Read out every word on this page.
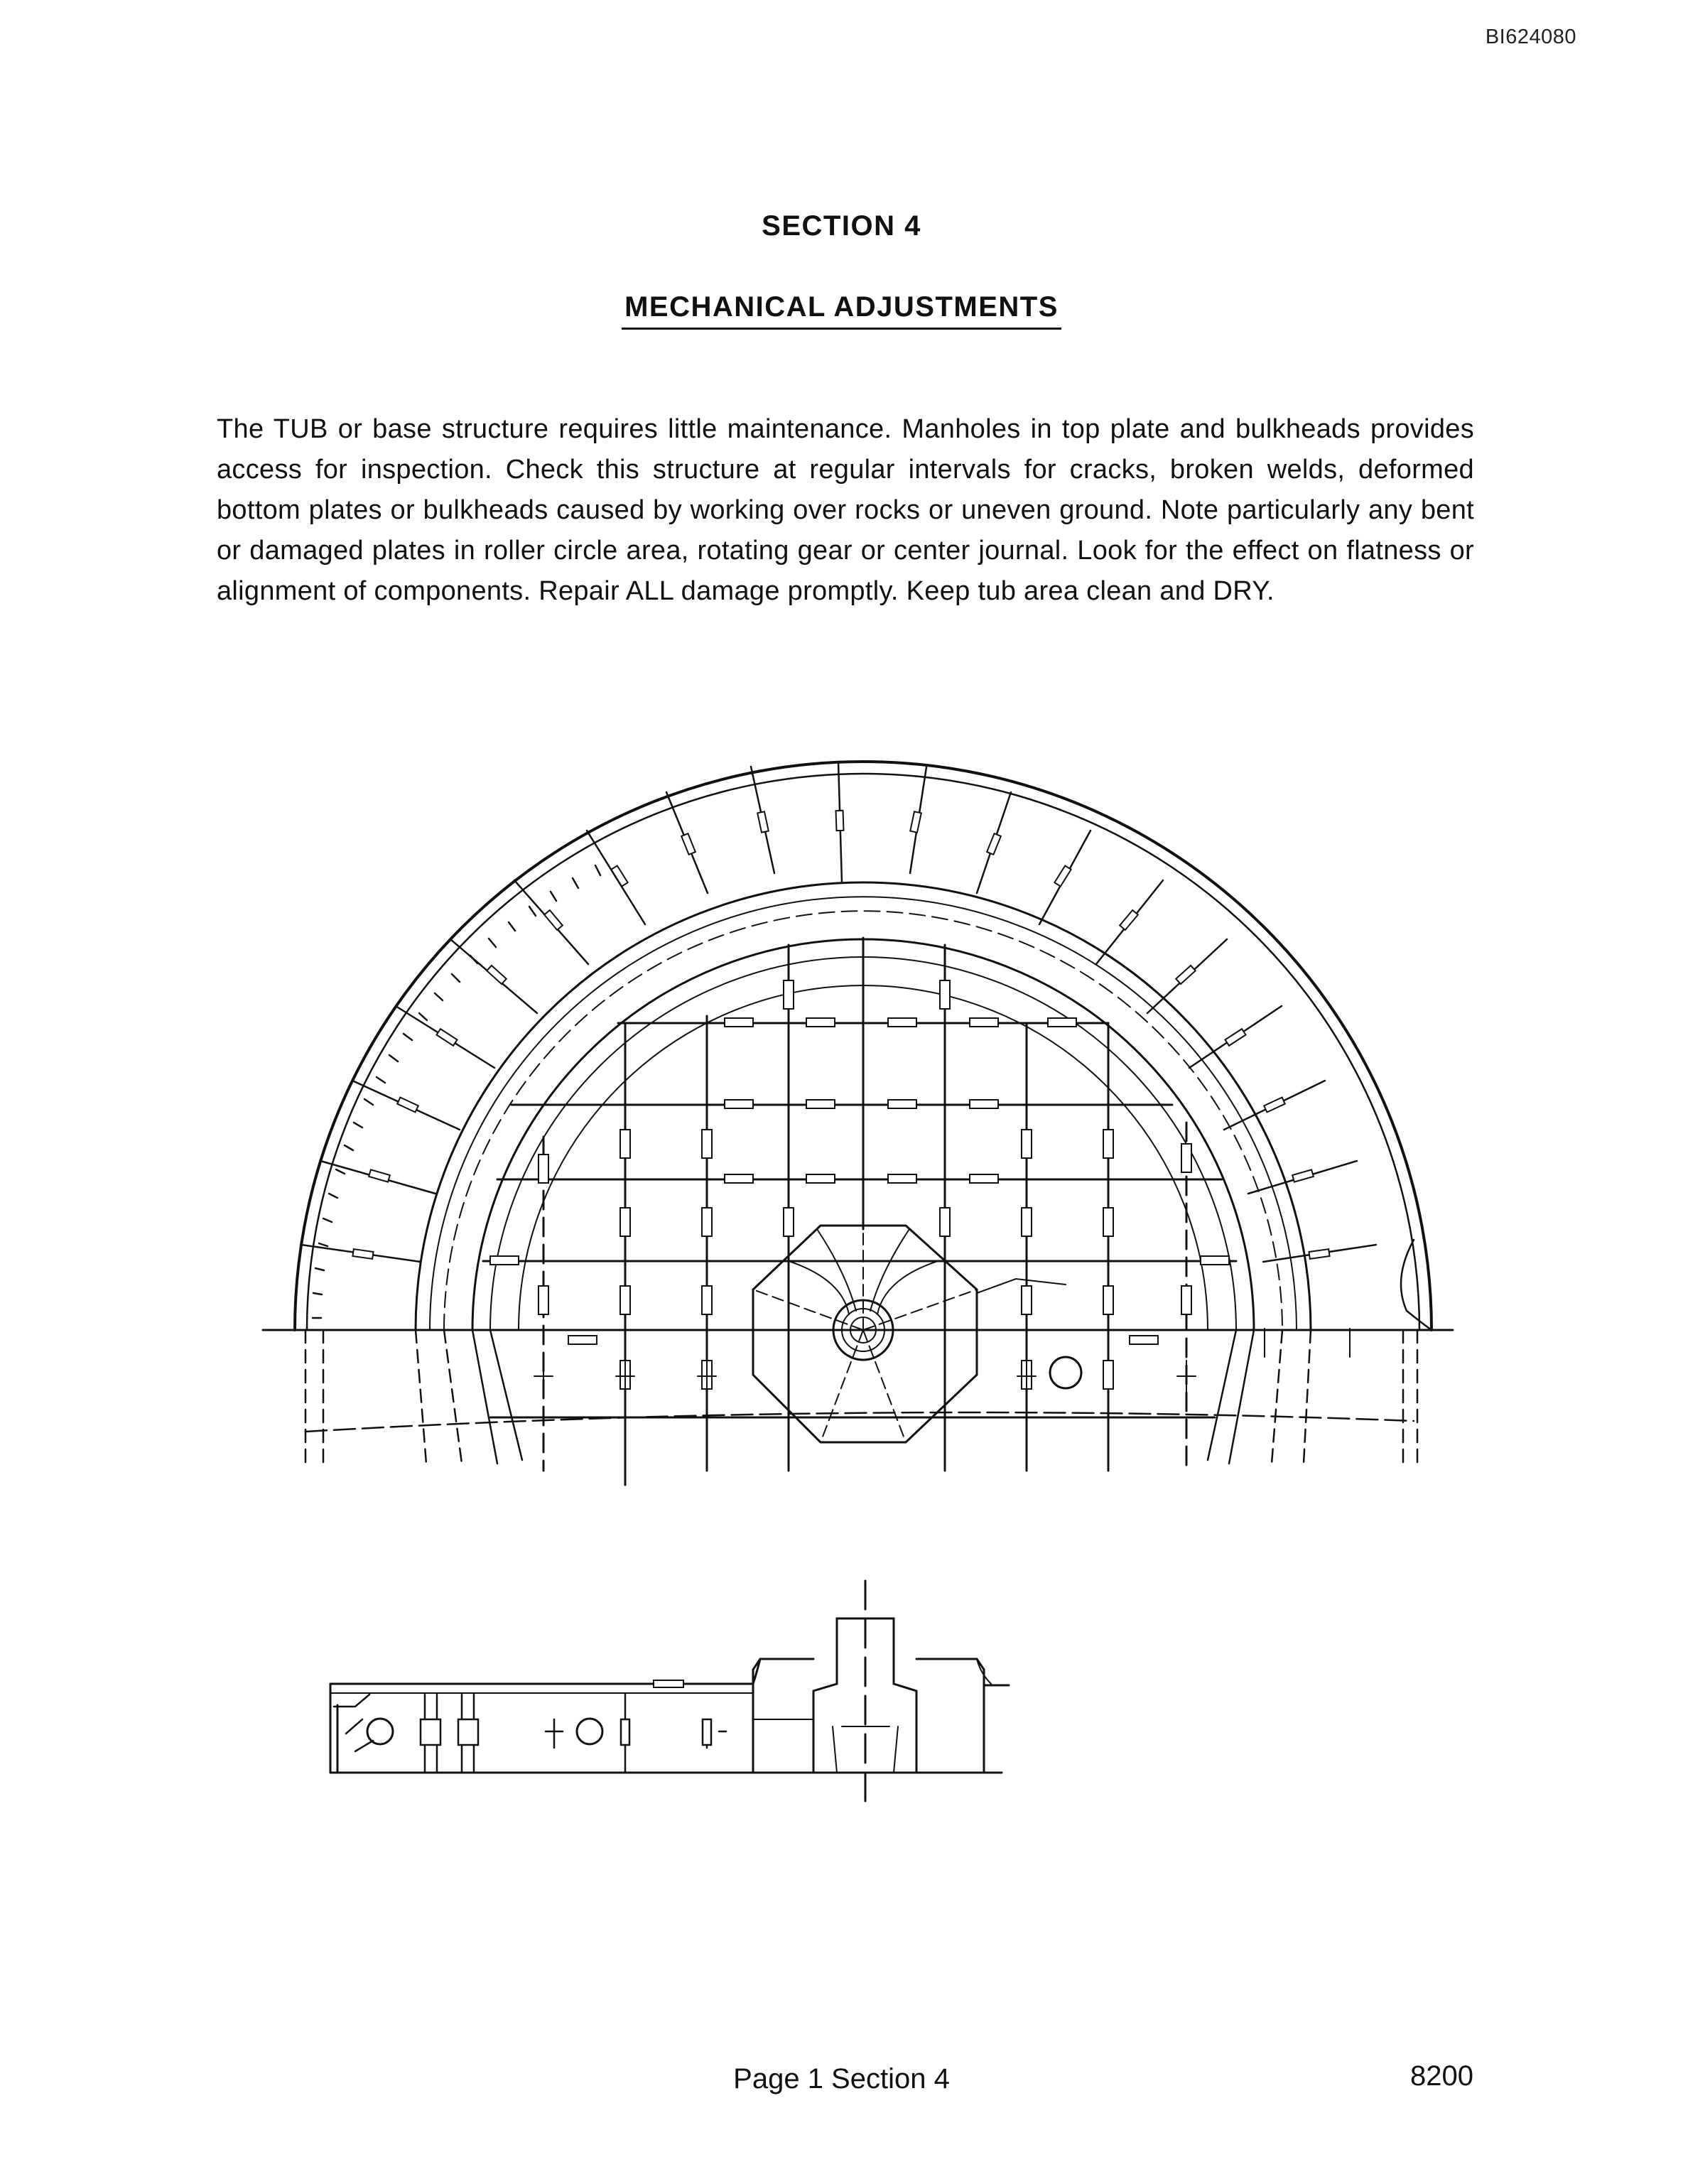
BI624080
SECTION 4
MECHANICAL ADJUSTMENTS
The TUB or base structure requires little maintenance. Manholes in top plate and bulkheads provides access for inspection. Check this structure at regular intervals for cracks, broken welds, deformed bottom plates or bulkheads caused by working over rocks or uneven ground. Note particularly any bent or damaged plates in roller circle area, rotating gear or center journal. Look for the effect on flatness or alignment of components. Repair ALL damage promptly. Keep tub area clean and DRY.
Page 1 Section 4	8200
